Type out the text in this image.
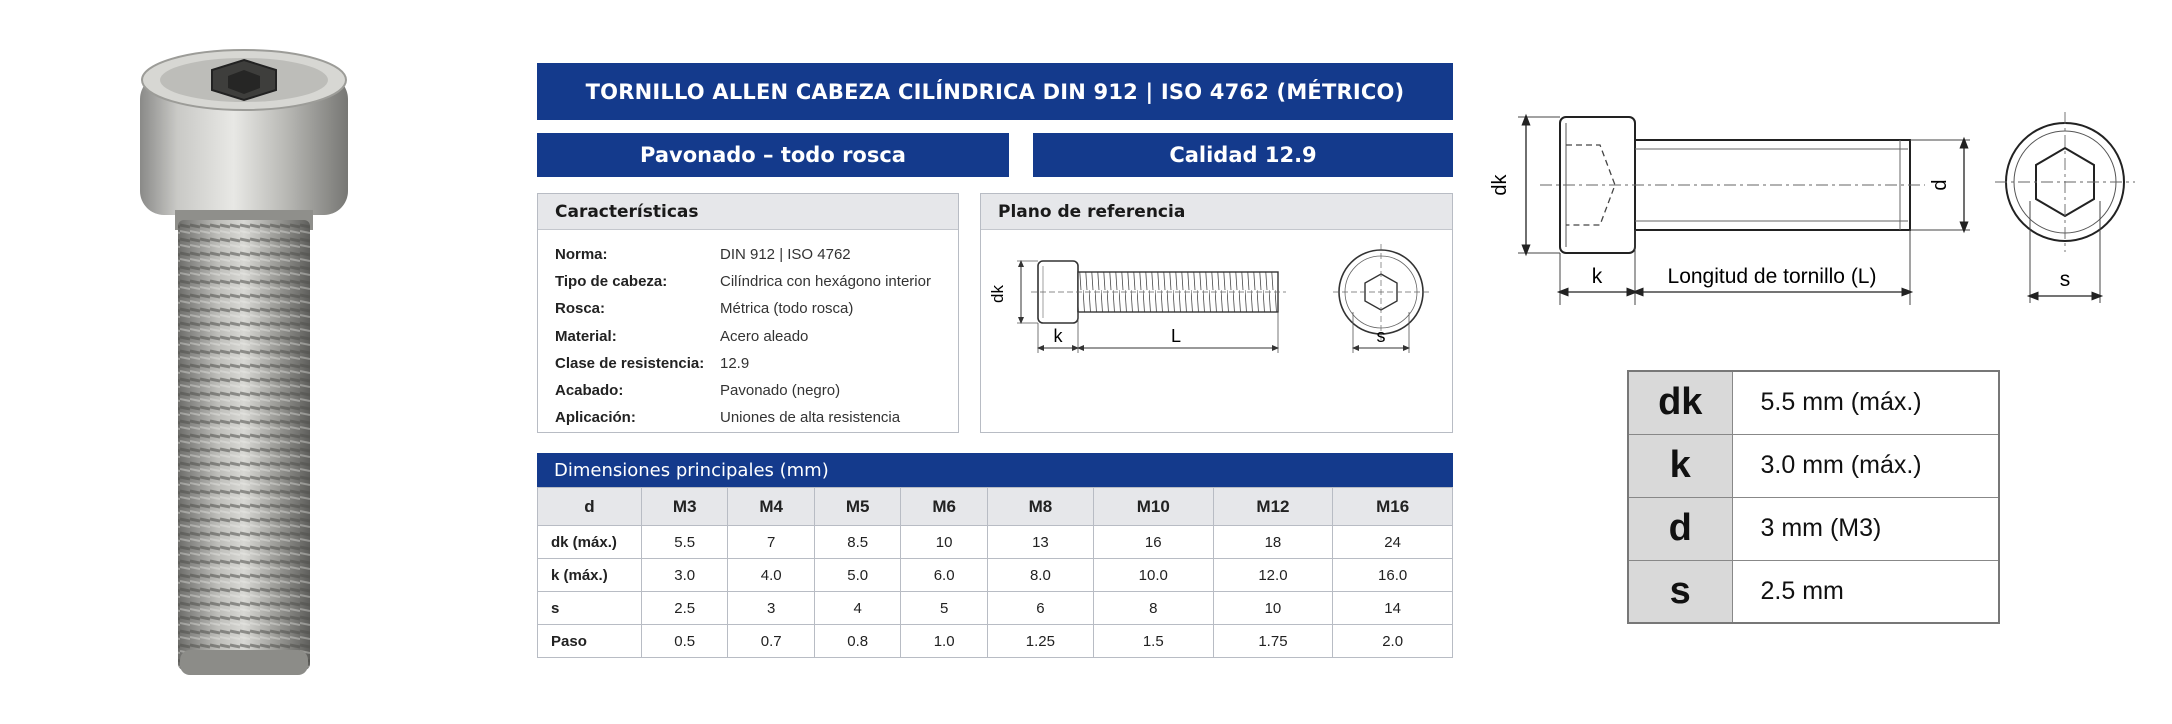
TORNILLO ALLEN CABEZA CILÍNDRICA DIN 912 | ISO 4762 (MÉTRICO)
Pavonado – todo rosca	Calidad 12.9
Características
Norma:	DIN 912 | ISO 4762
Tipo de cabeza:	Cilíndrica con hexágono interior
Rosca:	Métrica (todo rosca)
Material:	Acero aleado
Clase de resistencia:	12.9
Acabado:	Pavonado (negro)
Aplicación:	Uniones de alta resistencia
Plano de referencia
dk
k	L	s
Dimensiones principales (mm)
d	M3	M4	M5	M6	M8	M10	M12	M16
dk (máx.)	5.5	7	8.5	10	13	16	18	24
k (máx.)	3.0	4.0	5.0	6.0	8.0	10.0	12.0	16.0
s	2.5	3	4	5	6	8	10	14
Paso	0.5	0.7	0.8	1.0	1.25	1.5	1.75	2.0
dk	d
k	Longitud de tornillo (L)	s
dk	5.5 mm (máx.)
k	3.0 mm (máx.)
d	3 mm (M3)
s	2.5 mm
